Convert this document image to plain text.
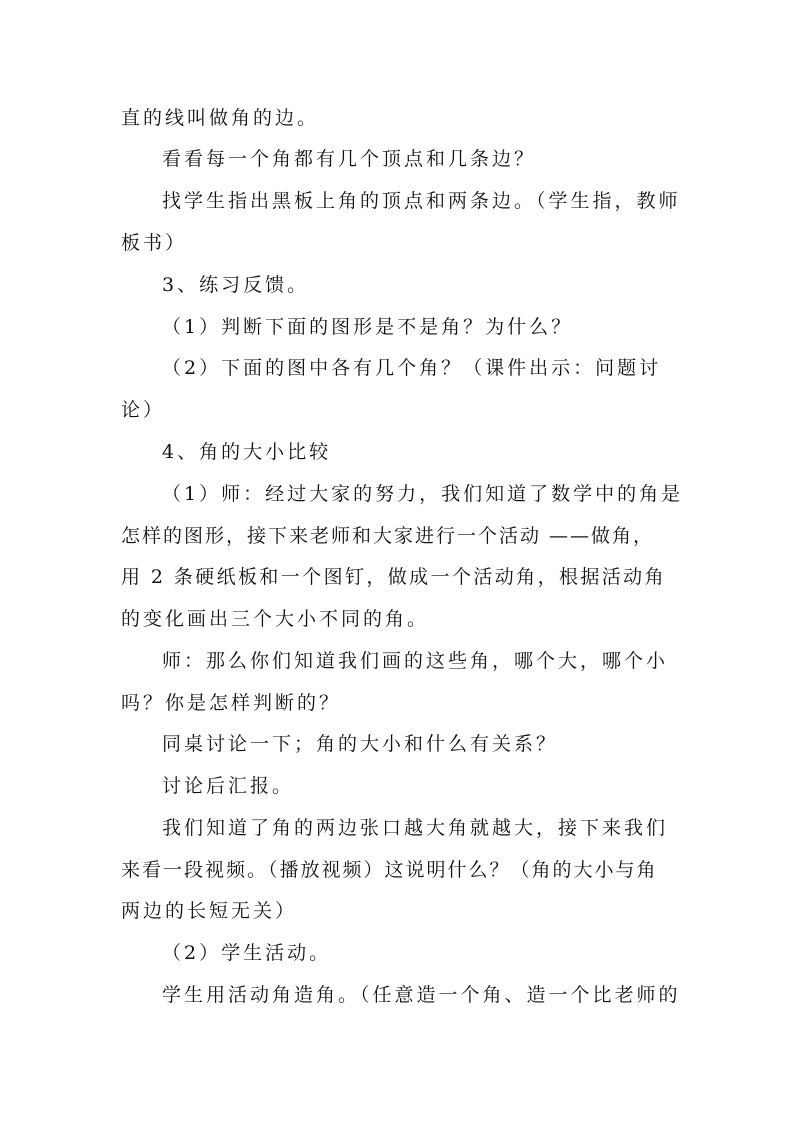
直的线叫做角的边。
看看每一个角都有几个顶点和几条边？
找学生指出黑板上角的顶点和两条边。（学生指，教师
板书）
3、练习反馈。
（1）判断下面的图形是不是角？为什么？
（2）下面的图中各有几个角？（课件出示：问题讨
论）
4、角的大小比较
（1）师：经过大家的努力，我们知道了数学中的角是
怎样的图形，接下来老师和大家进行一个活动 ——做角，
用 2 条硬纸板和一个图钉，做成一个活动角，根据活动角
的变化画出三个大小不同的角。
师：那么你们知道我们画的这些角，哪个大，哪个小
吗？你是怎样判断的？
同桌讨论一下；角的大小和什么有关系？
讨论后汇报。
我们知道了角的两边张口越大角就越大，接下来我们
来看一段视频。（播放视频）这说明什么？（角的大小与角
两边的长短无关）
（2）学生活动。
学生用活动角造角。（任意造一个角、造一个比老师的
